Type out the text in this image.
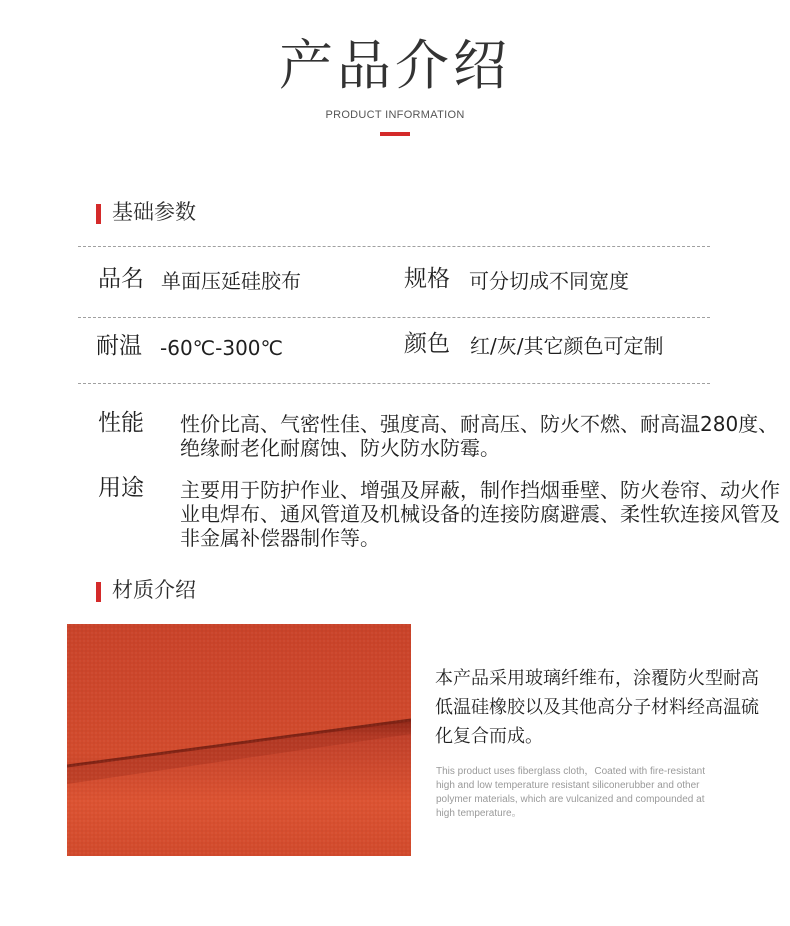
产品介绍
PRODUCT INFORMATION
基础参数
品名 单面压延硅胶布	规格 可分切成不同宽度
耐温 -60℃-300℃	颜色 红/灰/其它颜色可定制
性能 性价比高、气密性佳、强度高、耐高压、防火不燃、耐高温280度、绝缘耐老化耐腐蚀、防火防水防霉。
用途 主要用于防护作业、增强及屏蔽，制作挡烟垂壁、防火卷帘、动火作业电焊布、通风管道及机械设备的连接防腐避震、柔性软连接风管及非金属补偿器制作等。
材质介绍
本产品采用玻璃纤维布，涂覆防火型耐高低温硅橡胶以及其他高分子材料经高温硫化复合而成。
This product uses fiberglass cloth，Coated with fire-resistant high and low temperature resistant siliconerubber and other polymer materials, which are vulcanized and compounded at high temperature。
